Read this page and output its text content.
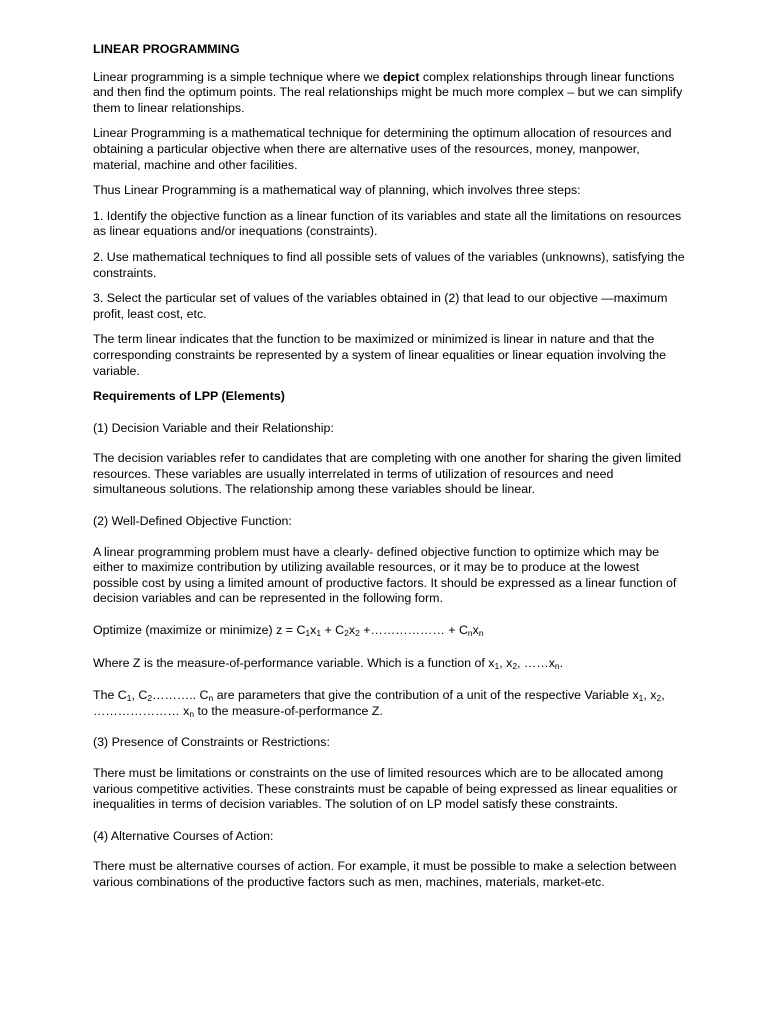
LINEAR PROGRAMMING

Linear programming is a simple technique where we depict complex relationships through linear functions and then find the optimum points. The real relationships might be much more complex – but we can simplify them to linear relationships.

Linear Programming is a mathematical technique for determining the optimum allocation of resources and obtaining a particular objective when there are alternative uses of the resources, money, manpower, material, machine and other facilities.

Thus Linear Programming is a mathematical way of planning, which involves three steps:

1. Identify the objective function as a linear function of its variables and state all the limitations on resources as linear equations and/or inequations (constraints).

2. Use mathematical techniques to find all possible sets of values of the variables (unknowns), satisfying the constraints.

3. Select the particular set of values of the variables obtained in (2) that lead to our objective —maximum profit, least cost, etc.

The term linear indicates that the function to be maximized or minimized is linear in nature and that the corresponding constraints be represented by a system of linear equalities or linear equation involving the variable.

Requirements of LPP (Elements)

(1) Decision Variable and their Relationship:

The decision variables refer to candidates that are completing with one another for sharing the given limited resources. These variables are usually interrelated in terms of utilization of resources and need simultaneous solutions. The relationship among these variables should be linear.

(2) Well-Defined Objective Function:

A linear programming problem must have a clearly- defined objective function to optimize which may be either to maximize contribution by utilizing available resources, or it may be to produce at the lowest possible cost by using a limited amount of productive factors. It should be expressed as a linear function of decision variables and can be represented in the following form.

Optimize (maximize or minimize) $z = C_1x_1 + C_2x_2$ +……………… + $C_nx_n$

Where Z is the measure-of-performance variable. Which is a function of $x_1$, $x_2$, $\dots\dots x_n$.

The $C_1$, $C_2\dots\dots\dots$.. $C_n$ are parameters that give the contribution of a unit of the respective Variable $x_1$, $x_2$, ………………… $x_n$ to the measure-of-performance Z.

(3) Presence of Constraints or Restrictions:

There must be limitations or constraints on the use of limited resources which are to be allocated among various competitive activities. These constraints must be capable of being expressed as linear equalities or inequalities in terms of decision variables. The solution of on LP model satisfy these constraints.

(4) Alternative Courses of Action:

There must be alternative courses of action. For example, it must be possible to make a selection between various combinations of the productive factors such as men, machines, materials, market-etc.
